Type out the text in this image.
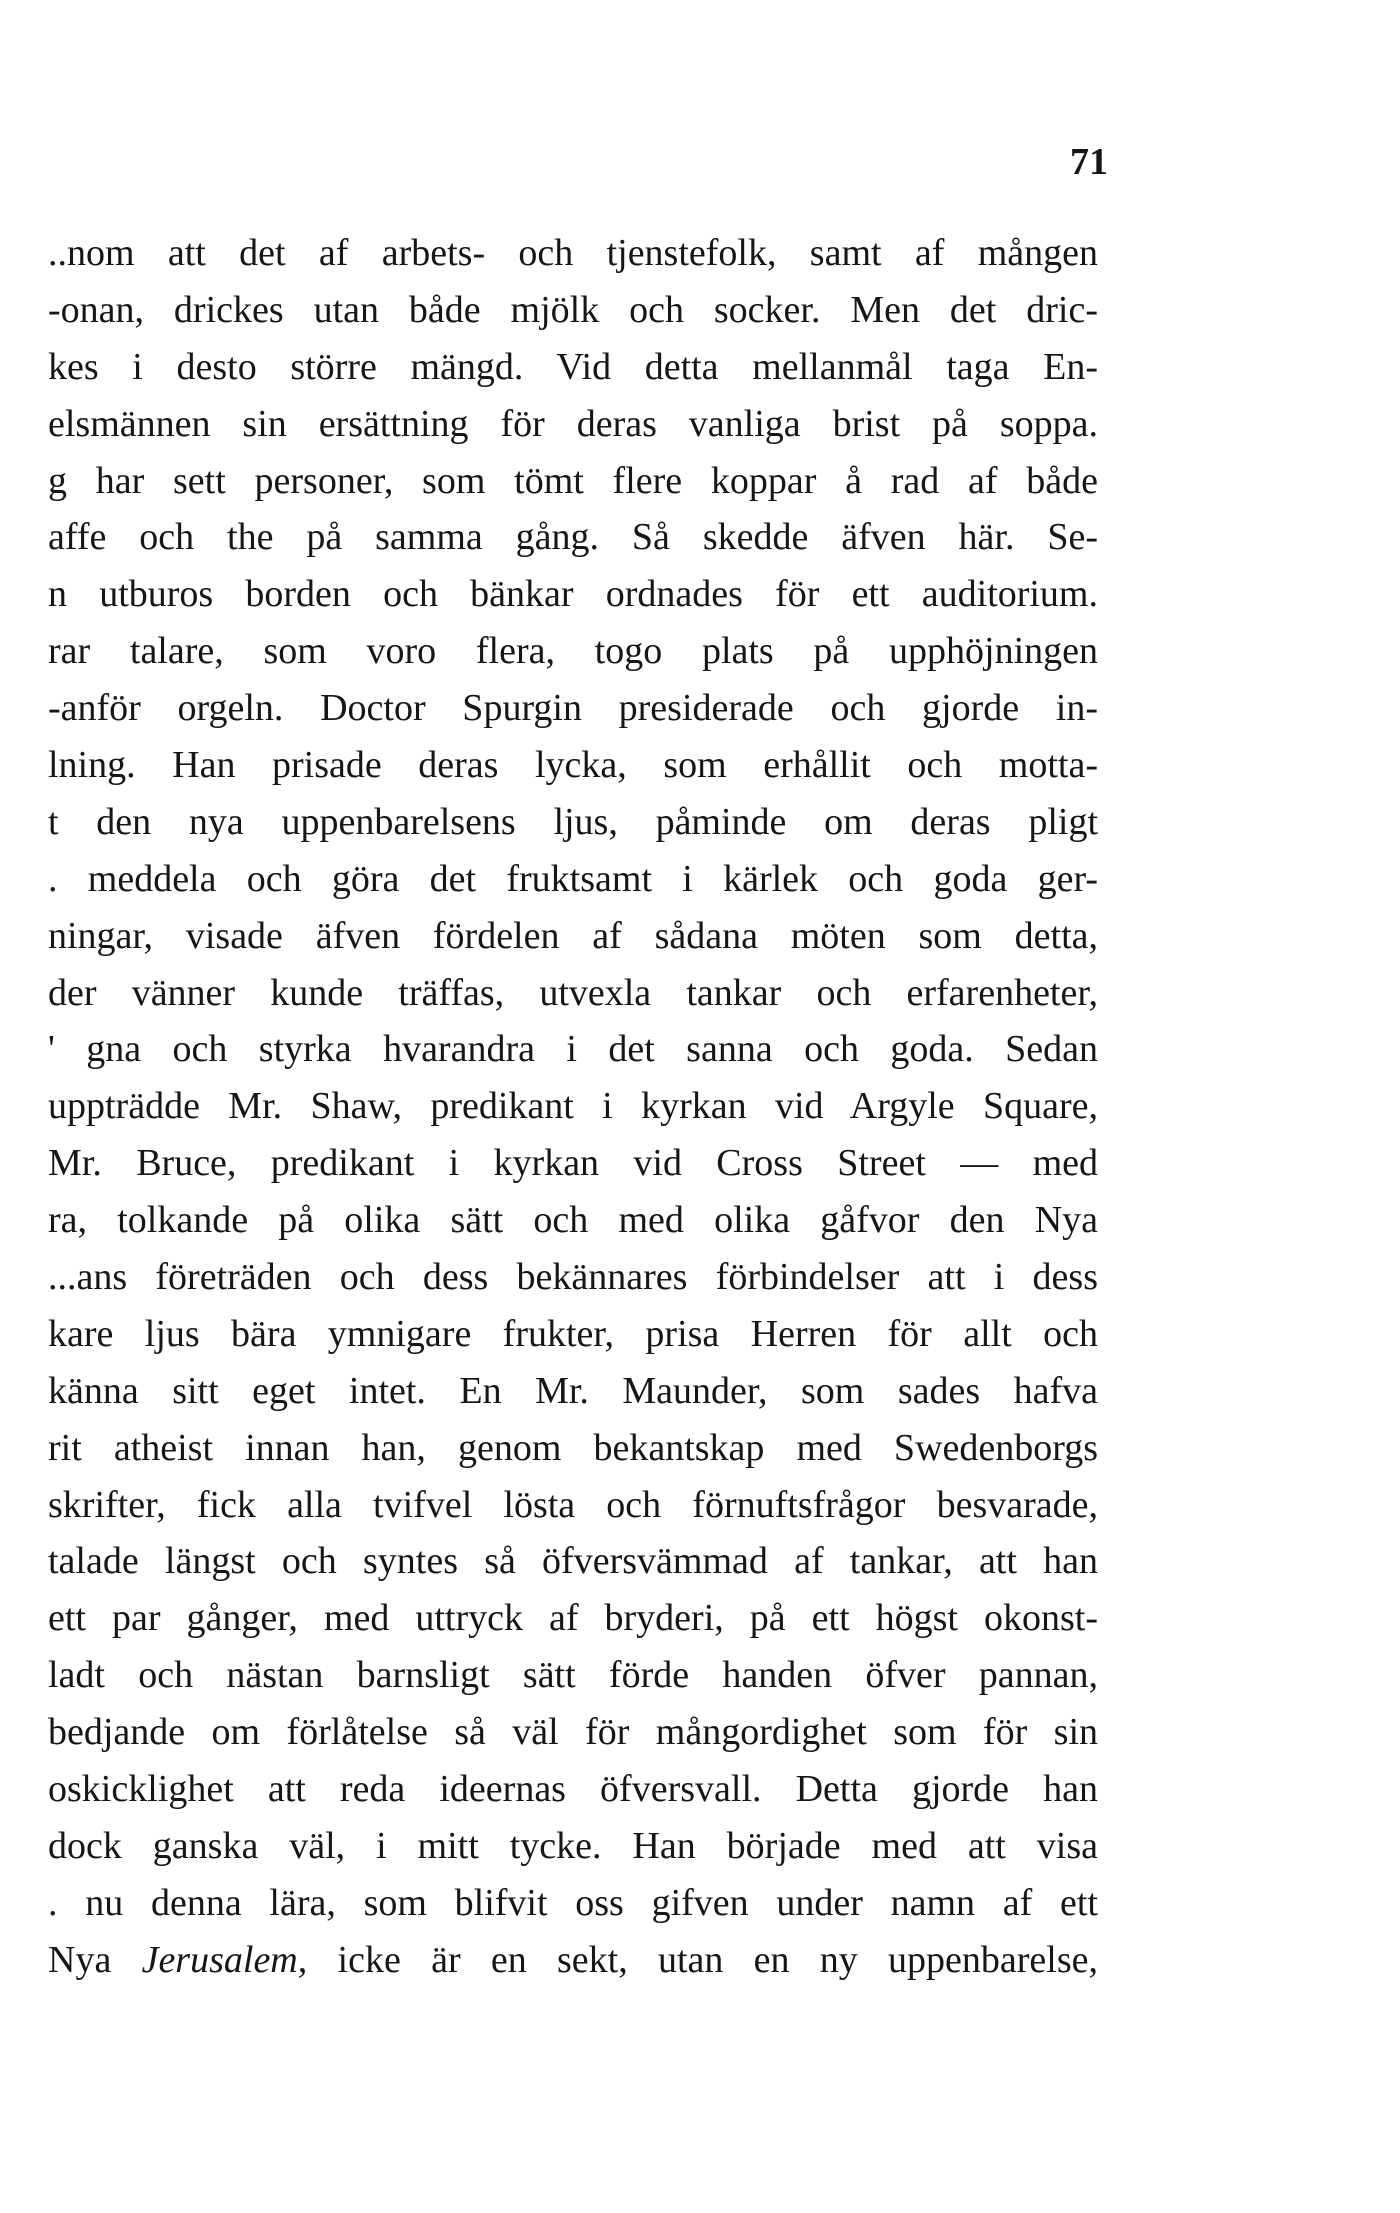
71
..nom att det af arbets- och tjenstefolk, samt af mången
-onan, drickes utan både mjölk och socker. Men det dric-
kes i desto större mängd. Vid detta mellanmål taga En-
elsmännen sin ersättning för deras vanliga brist på soppa.
g har sett personer, som tömt flere koppar å rad af både
affe och the på samma gång. Så skedde äfven här. Se-
n utburos borden och bänkar ordnades för ett auditorium.
rar talare, som voro flera, togo plats på upphöjningen
-anför orgeln. Doctor Spurgin presiderade och gjorde in-
lning. Han prisade deras lycka, som erhållit och motta-
t den nya uppenbarelsens ljus, påminde om deras pligt
. meddela och göra det fruktsamt i kärlek och goda ger-
ningar, visade äfven fördelen af sådana möten som detta,
der vänner kunde träffas, utvexla tankar och erfarenheter,
' gna och styrka hvarandra i det sanna och goda. Sedan
uppträdde Mr. Shaw, predikant i kyrkan vid Argyle Square,
Mr. Bruce, predikant i kyrkan vid Cross Street — med
ra, tolkande på olika sätt och med olika gåfvor den Nya
...ans företräden och dess bekännares förbindelser att i dess
kare ljus bära ymnigare frukter, prisa Herren för allt och
känna sitt eget intet. En Mr. Maunder, som sades hafva
rit atheist innan han, genom bekantskap med Swedenborgs
skrifter, fick alla tvifvel lösta och förnuftsfrågor besvarade,
talade längst och syntes så öfversvämmad af tankar, att han
ett par gånger, med uttryck af bryderi, på ett högst okonst-
ladt och nästan barnsligt sätt förde handen öfver pannan,
bedjande om förlåtelse så väl för mångordighet som för sin
oskicklighet att reda ideernas öfversvall. Detta gjorde han
dock ganska väl, i mitt tycke. Han började med att visa
. nu denna lära, som blifvit oss gifven under namn af ett
Nya Jerusalem, icke är en sekt, utan en ny uppenbarelse,
